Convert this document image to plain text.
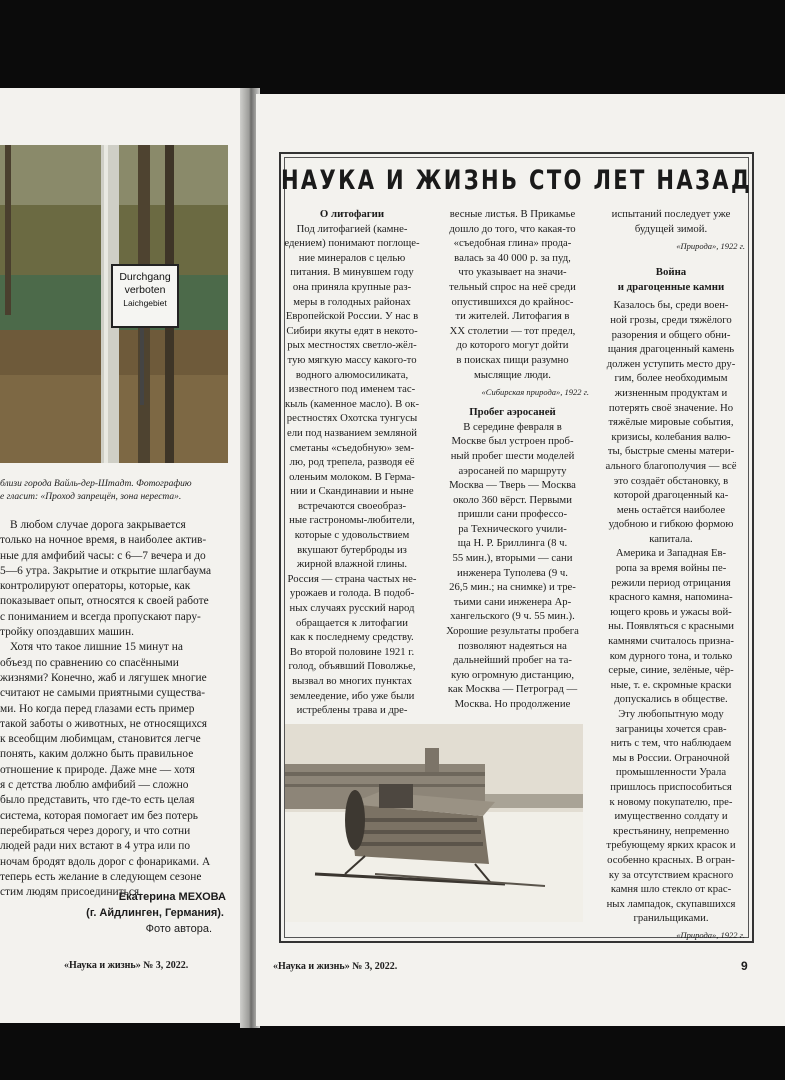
Durchgang
verboten
Laichgebiet
близи города Вайль-дер-Штадт. Фотографию
е гласит: «Проход запрещён, зона нереста».

В любом случае дорога закрывается

только на ночное время, в наиболее актив-

ные для амфибий часы: с 6—7 вечера и до

5—6 утра. Закрытие и открытие шлагбаума

контролируют операторы, которые, как

показывает опыт, относятся к своей работе

с пониманием и всегда пропускают пару-

тройку опоздавших машин.

Хотя что такое лишние 15 минут на

объезд по сравнению со спасёнными

жизнями? Конечно, жаб и лягушек многие

считают не самыми приятными существа-

ми. Но когда перед глазами есть пример

такой заботы о животных, не относящихся

к всеобщим любимцам, становится легче

понять, каким должно быть правильное

отношение к природе. Даже мне — хотя

я с детства люблю амфибий — сложно

было представить, что где-то есть целая

система, которая помогает им без потерь

перебираться через дорогу, и что сотни

людей ради них встают в 4 утра или по

ночам бродят вдоль дорог с фонариками. А

теперь есть желание в следующем сезоне

стим людям присоединиться.

Екатерина МЕХОВА
(г. Айдлинген, Германия).
Фото автора.
«Наука и жизнь» № 3, 2022.
НАУКА И ЖИЗНЬ СТО ЛЕТ НАЗАД
О литофагии
Под литофагией (камне-
едением) понимают поглоще-
ние минералов с целью
питания. В минувшем году
она приняла крупные раз-
меры в голодных районах
Европейской России. У нас в
Сибири якуты едят в некото-
рых местностях светло-жёл-
тую мягкую массу какого-то
водного алюмосиликата,
известного под именем тас-
кыль (каменное масло). В ок-
рестностях Охотска тунгусы
ели под названием земляной
сметаны «съедобную» зем-
лю, род трепела, разводя её
оленьим молоком. В Герма-
нии и Скандинавии и ныне
встречаются своеобраз-
ные гастрономы-любители,
которые с удовольствием
вкушают бутерброды из
жирной влажной глины.
Россия — страна частых не-
урожаев и голода. В подоб-
ных случаях русский народ
обращается к литофагии
как к последнему средству.
Во второй половине 1921 г.
голод, объявший Поволжье,
вызвал во многих пунктах
землеедение, ибо уже были
истреблены трава и дре-
весные листья. В Прикамье
дошло до того, что какая-то
«съедобная глина» прода-
валась за 40 000 р. за пуд,
что указывает на значи-
тельный спрос на неё среди
опустившихся до крайнос-
ти жителей. Литофагия в
XX столетии — тот предел,
до которого могут дойти
в поисках пищи разумно
мыслящие люди.
«Сибирская природа», 1922 г.
Пробег аэросаней
В середине февраля в
Москве был устроен проб-
ный пробег шести моделей
аэросаней по маршруту
Москва — Тверь — Москва
около 360 вёрст. Первыми
пришли сани профессо-
ра Технического учили-
ща Н. Р. Бриллинга (8 ч.
55 мин.), вторыми — сани
инженера Туполева (9 ч.
26,5 мин.; на снимке) и тре-
тьими сани инженера Ар-
хангельского (9 ч. 55 мин.).
Хорошие результаты пробега
позволяют надеяться на
дальнейший пробег на та-
кую огромную дистанцию,
как Москва — Петроград —
Москва. Но продолжение
испытаний последует уже
будущей зимой.
«Природа», 1922 г.
Война
и драгоценные камни
Казалось бы, среди воен-
ной грозы, среди тяжёлого
разорения и общего обни-
щания драгоценный камень
должен уступить место дру-
гим, более необходимым
жизненным продуктам и
потерять своё значение. Но
тяжёлые мировые события,
кризисы, колебания валю-
ты, быстрые смены матери-
ального благополучия — всё
это создаёт обстановку, в
которой драгоценный ка-
мень остаётся наиболее
удобною и гибкою формою
капитала.
Америка и Западная Ев-
ропа за время войны пе-
режили период отрицания
красного камня, напомина-
ющего кровь и ужасы вой-
ны. Появляться с красными
камнями считалось призна-
ком дурного тона, и только
серые, синие, зелёные, чёр-
ные, т. е. скромные краски
допускались в обществе.
Эту любопытную моду
заграницы хочется срав-
нить с тем, что наблюдаем
мы в России. Ограночной
промышленности Урала
пришлось приспособиться
к новому покупателю, пре-
имущественно солдату и
крестьянину, непременно
требующему ярких красок и
особенно красных. В огран-
ку за отсутствием красного
камня шло стекло от крас-
ных лампадок, скупавшихся
гранильщиками.
«Природа», 1922 г.
«Наука и жизнь» № 3, 2022.	9
